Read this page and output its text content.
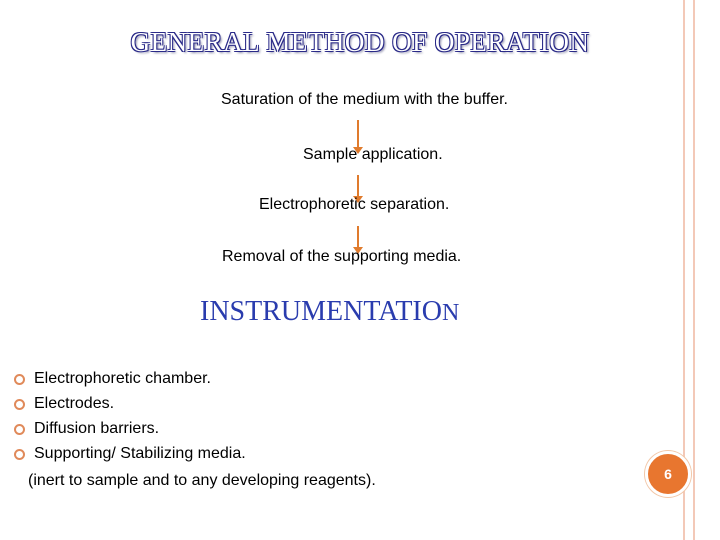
GENERAL METHOD OF OPERATION
Saturation of the medium with the buffer.
Sample application.
Electrophoretic separation.
Removal of the supporting media.
INSTRUMENTATION
Electrophoretic chamber.
Electrodes.
Diffusion barriers.
Supporting/ Stabilizing media.
(inert to sample and to any developing reagents).	6
